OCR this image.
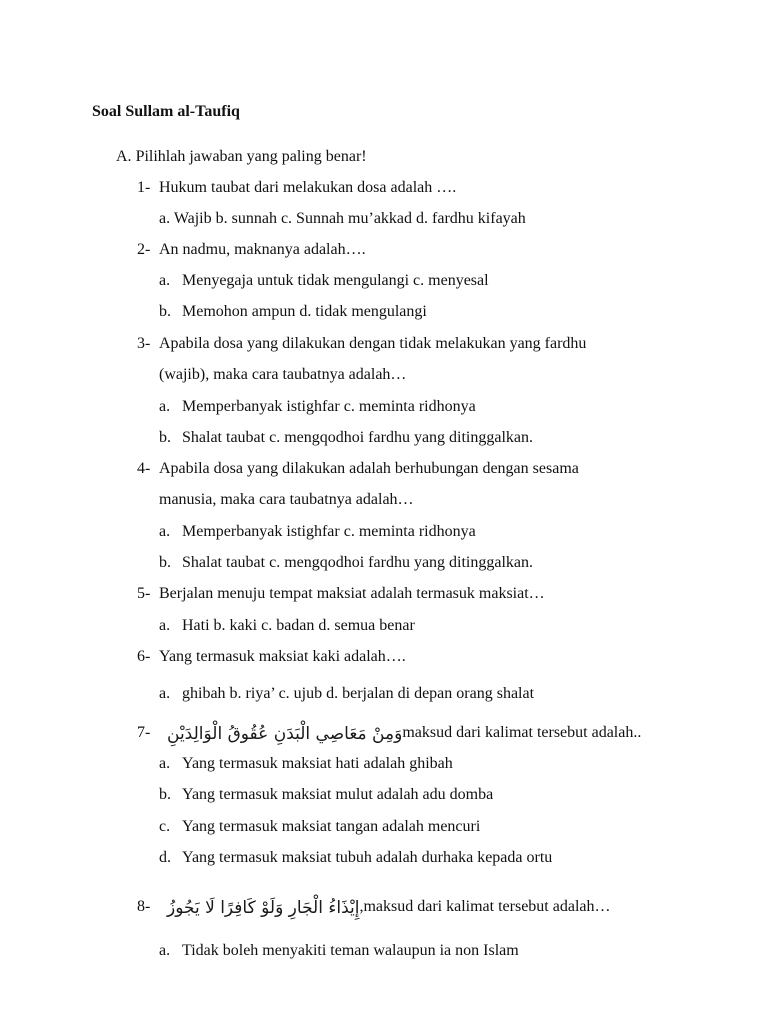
Soal Sullam al-Taufiq
A. Pilihlah jawaban yang paling benar!
1- Hukum taubat dari melakukan dosa adalah ….
a. Wajib b. sunnah c. Sunnah mu’akkad d. fardhu kifayah
2- An nadmu, maknanya adalah….
a. Menyegaja untuk tidak mengulangi c. menyesal
b. Memohon ampun d. tidak mengulangi
3- Apabila dosa yang dilakukan dengan tidak melakukan yang fardhu
(wajib), maka cara taubatnya adalah…
a. Memperbanyak istighfar c. meminta ridhonya
b. Shalat taubat c. mengqodhoi fardhu yang ditinggalkan.
4- Apabila dosa yang dilakukan adalah berhubungan dengan sesama
manusia, maka cara taubatnya adalah…
a. Memperbanyak istighfar c. meminta ridhonya
b. Shalat taubat c. mengqodhoi fardhu yang ditinggalkan.
5- Berjalan menuju tempat maksiat adalah termasuk maksiat…
a. Hati b. kaki c. badan d. semua benar
6- Yang termasuk maksiat kaki adalah….
a. ghibah b. riya’ c. ujub d. berjalan di depan orang shalat
7- وَمِنْ مَعَاصِي الْبَدَنِ عُقُوقُ الْوَالِدَيْنِmaksud dari kalimat tersebut adalah..
a. Yang termasuk maksiat hati adalah ghibah
b. Yang termasuk maksiat mulut adalah adu domba
c. Yang termasuk maksiat tangan adalah mencuri
d. Yang termasuk maksiat tubuh adalah durhaka kepada ortu
8- إِيْذَاءُ الْجَارِ وَلَوْ كَافِرًا لَا يَجُوزُ,maksud dari kalimat tersebut adalah…
a. Tidak boleh menyakiti teman walaupun ia non Islam
